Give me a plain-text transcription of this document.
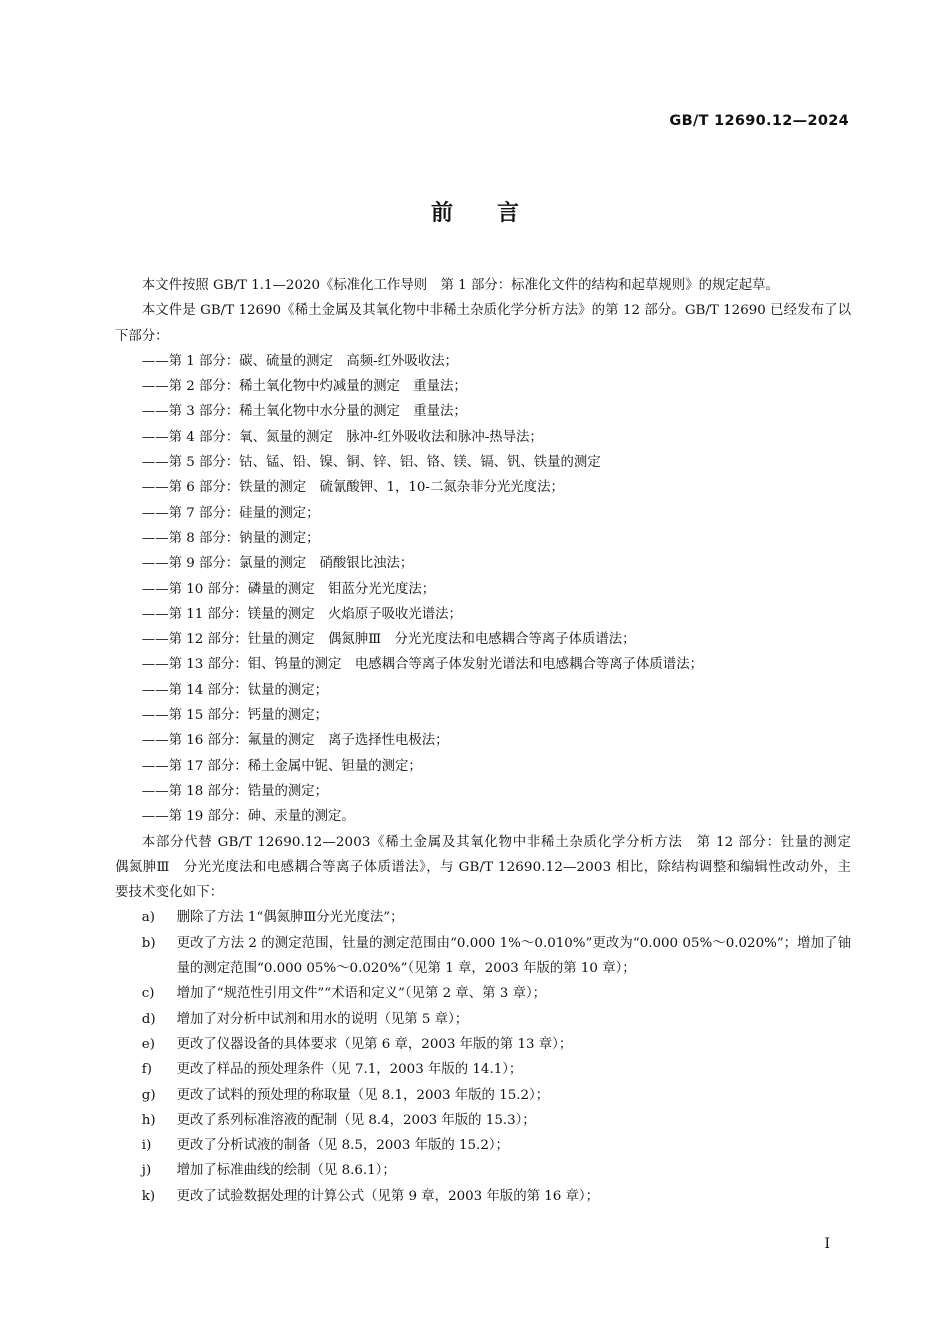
GB/T 12690.12—2024
前言

本文件按照 GB/T 1.1—2020《标准化工作导则　第 1 部分：标准化文件的结构和起草规则》的规定起草。

本文件是 GB/T 12690《稀土金属及其氧化物中非稀土杂质化学分析方法》的第 12 部分。GB/T 12690 已经发布了以下部分：

——第 1 部分：碳、硫量的测定　高频-红外吸收法；

——第 2 部分：稀土氧化物中灼减量的测定　重量法；

——第 3 部分：稀土氧化物中水分量的测定　重量法；

——第 4 部分：氧、氮量的测定　脉冲-红外吸收法和脉冲-热导法；

——第 5 部分：钴、锰、铅、镍、铜、锌、铝、铬、镁、镉、钒、铁量的测定

——第 6 部分：铁量的测定　硫氰酸钾、1，10-二氮杂菲分光光度法；

——第 7 部分：硅量的测定；

——第 8 部分：钠量的测定；

——第 9 部分：氯量的测定　硝酸银比浊法；

——第 10 部分：磷量的测定　钼蓝分光光度法；

——第 11 部分：镁量的测定　火焰原子吸收光谱法；

——第 12 部分：钍量的测定　偶氮胂Ⅲ　分光光度法和电感耦合等离子体质谱法；

——第 13 部分：钼、钨量的测定　电感耦合等离子体发射光谱法和电感耦合等离子体质谱法；

——第 14 部分：钛量的测定；

——第 15 部分：钙量的测定；

——第 16 部分：氟量的测定　离子选择性电极法；

——第 17 部分：稀土金属中铌、钽量的测定；

——第 18 部分：锆量的测定；

——第 19 部分：砷、汞量的测定。

本部分代替 GB/T 12690.12—2003《稀土金属及其氧化物中非稀土杂质化学分析方法　第 12 部分：钍量的测定　偶氮胂Ⅲ　分光光度法和电感耦合等离子体质谱法》，与 GB/T 12690.12—2003 相比，除结构调整和编辑性改动外，主要技术变化如下：

a)	删除了方法 1“偶氮胂Ⅲ分光光度法”；
b)	更改了方法 2 的测定范围，钍量的测定范围由“0.000 1%～0.010%”更改为“0.000 05%～0.020%”；增加了铀量的测定范围“0.000 05%～0.020%”（见第 1 章，2003 年版的第 10 章）；
c)	增加了“规范性引用文件”“术语和定义”（见第 2 章、第 3 章）；
d)	增加了对分析中试剂和用水的说明（见第 5 章）；
e)	更改了仪器设备的具体要求（见第 6 章，2003 年版的第 13 章）；
f)	更改了样品的预处理条件（见 7.1，2003 年版的 14.1）；
g)	更改了试料的预处理的称取量（见 8.1，2003 年版的 15.2）；
h)	更改了系列标准溶液的配制（见 8.4，2003 年版的 15.3）；
i)	更改了分析试液的制备（见 8.5，2003 年版的 15.2）；
j)	增加了标准曲线的绘制（见 8.6.1）；
k)	更改了试验数据处理的计算公式（见第 9 章，2003 年版的第 16 章）；
I
